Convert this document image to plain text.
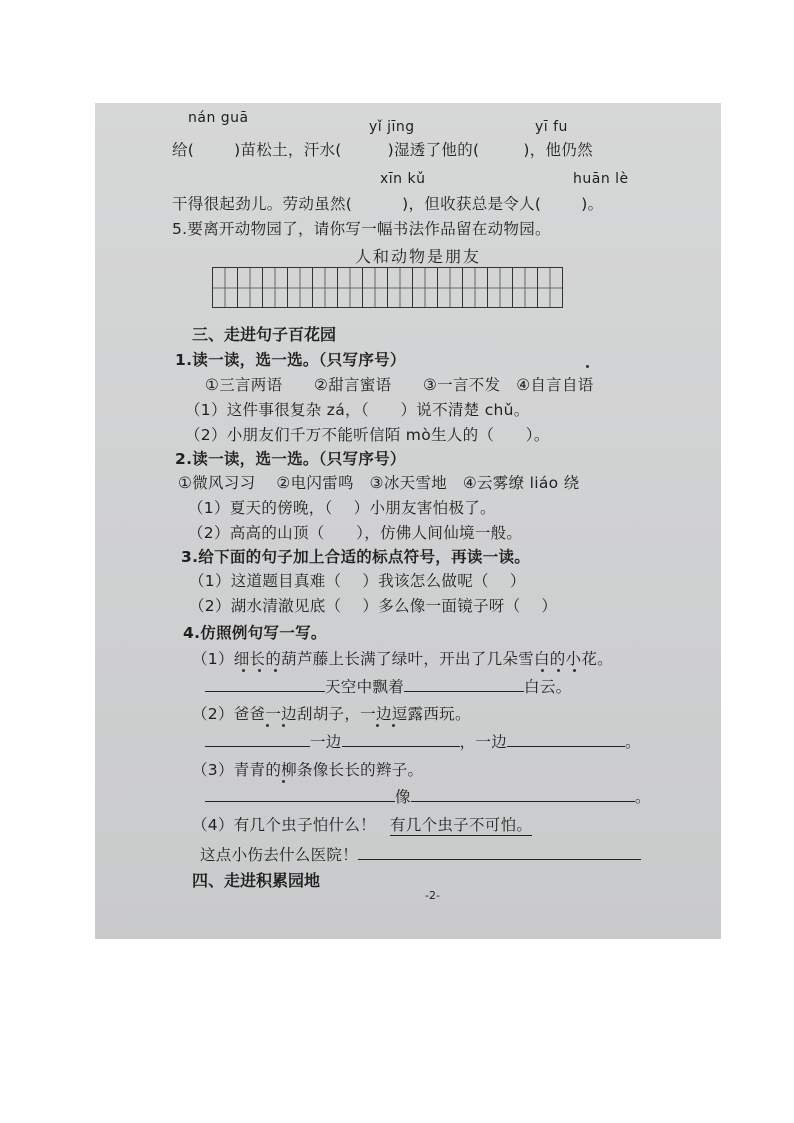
nán guā
yǐ jīng	yī fu
给(	)苗松土，汗水(	)湿透了他的(	)，他仍然
xīn kǔ	huān lè
干得很起劲儿。劳动虽然(	)，但收获总是令人(	)。
5.要离开动物园了，请你写一幅书法作品留在动物园。
人和动物是朋友
三、走进句子百花园
1.读一读，选一选。（只写序号）
①三言两语　　②甜言蜜语　　③一言不发　④自言自语
（1）这件事很复杂 zá，（　　）说不清楚 chǔ。
（2）小朋友们千万不能听信陌 mò生人的（　　）。
2.读一读，选一选。（只写序号）
①微风习习　 ②电闪雷鸣　③冰天雪地　④云雾缭 liáo 绕
（1）夏天的傍晚，（　 ）小朋友害怕极了。
（2）高高的山顶（　　），仿佛人间仙境一般。
3.给下面的句子加上合适的标点符号，再读一读。
（1）这道题目真难（　 ）我该怎么做呢（　 ）
（2）湖水清澈见底（　 ）多么像一面镜子呀（　 ）
4.仿照例句写一写。
（1）细长的葫芦藤上长满了绿叶，开出了几朵雪白的小花。
天空中飘着	白云。
（2）爸爸一边刮胡子，一边逗露西玩。
一边	，一边	。
（3）青青的柳条像长长的辫子。
像	。
（4）有几个虫子怕什么！ 有几个虫子不可怕。
这点小伤去什么医院！
四、走进积累园地
-2-
